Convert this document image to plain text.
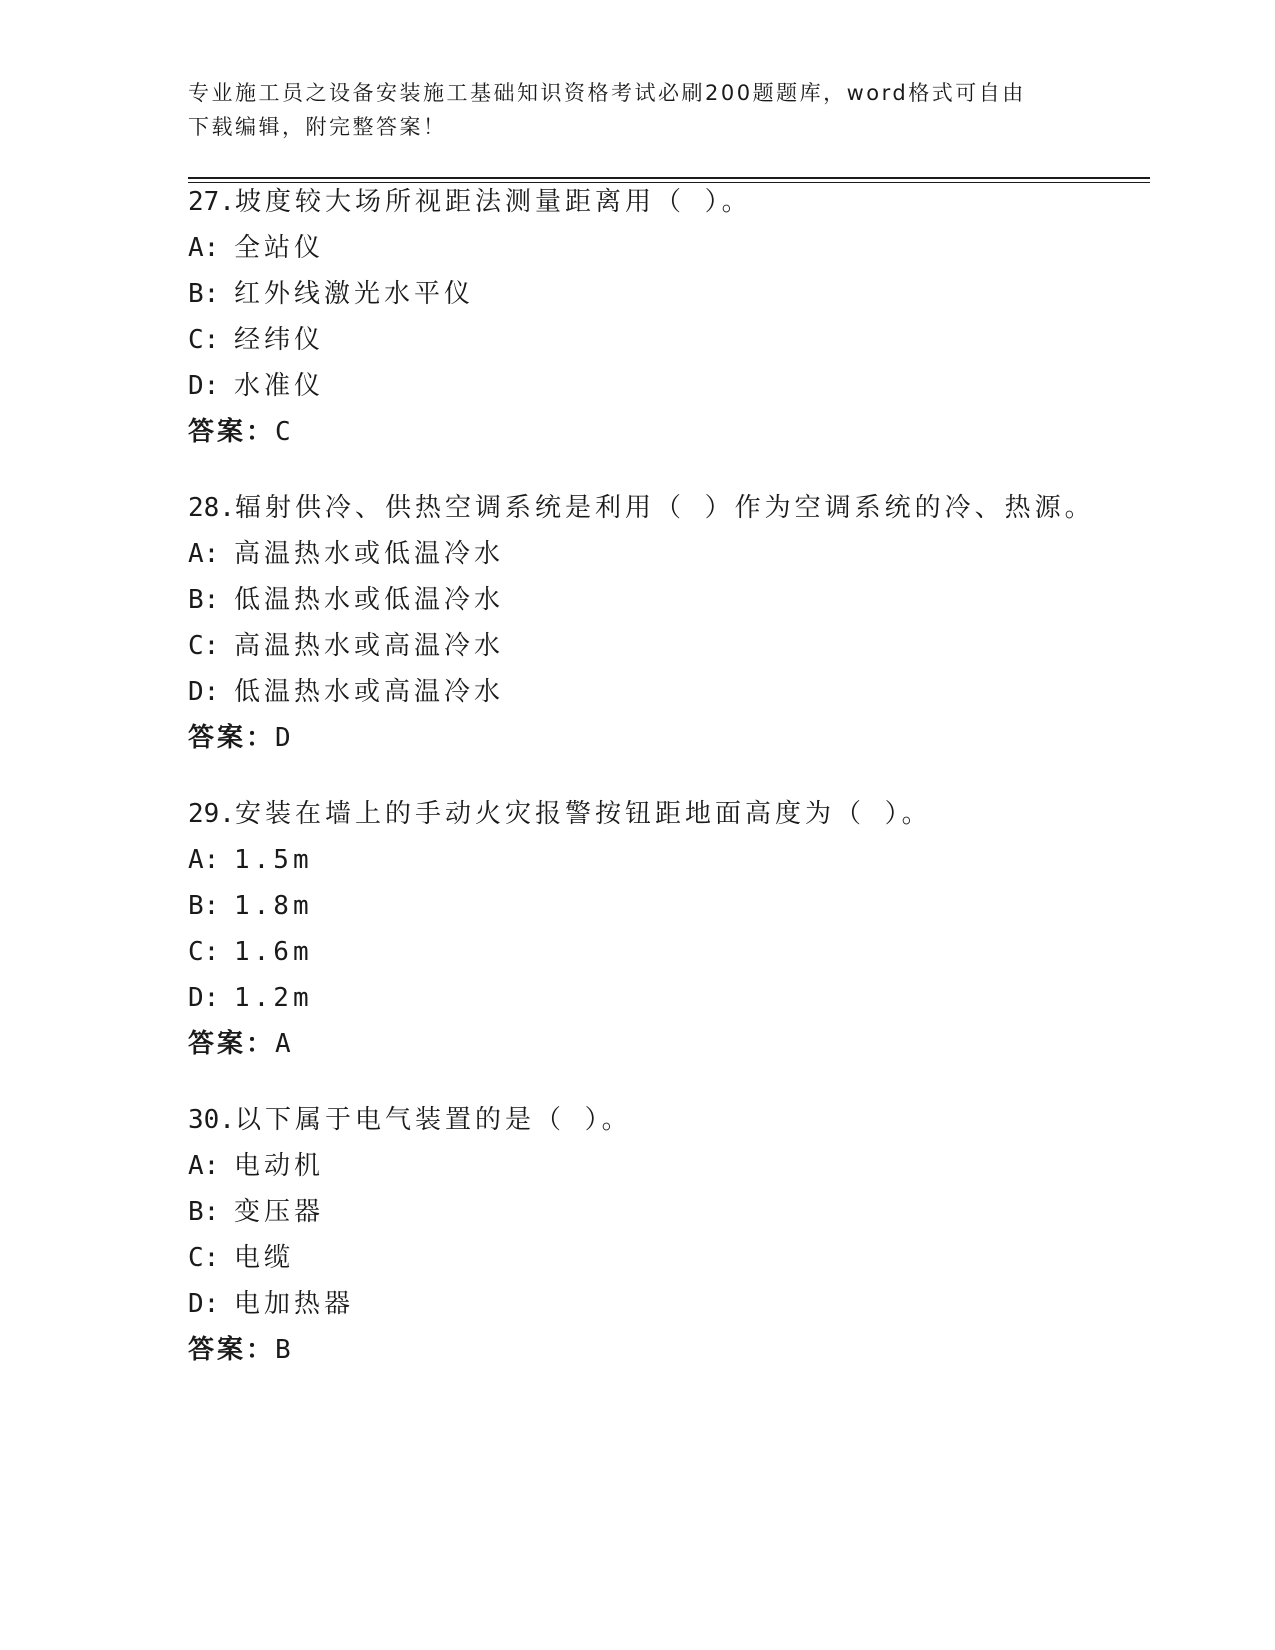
专业施工员之设备安装施工基础知识资格考试必刷200题题库，word格式可自由
下载编辑，附完整答案！
27.坡度较大场所视距法测量距离用（ ）。
A: 全站仪
B: 红外线激光水平仪
C: 经纬仪
D: 水准仪
答案：C
28.辐射供冷、供热空调系统是利用（ ）作为空调系统的冷、热源。
A: 高温热水或低温冷水
B: 低温热水或低温冷水
C: 高温热水或高温冷水
D: 低温热水或高温冷水
答案：D
29.安装在墙上的手动火灾报警按钮距地面高度为（ ）。
A: 1.5m
B: 1.8m
C: 1.6m
D: 1.2m
答案：A
30.以下属于电气装置的是（ ）。
A: 电动机
B: 变压器
C: 电缆
D: 电加热器
答案：B
